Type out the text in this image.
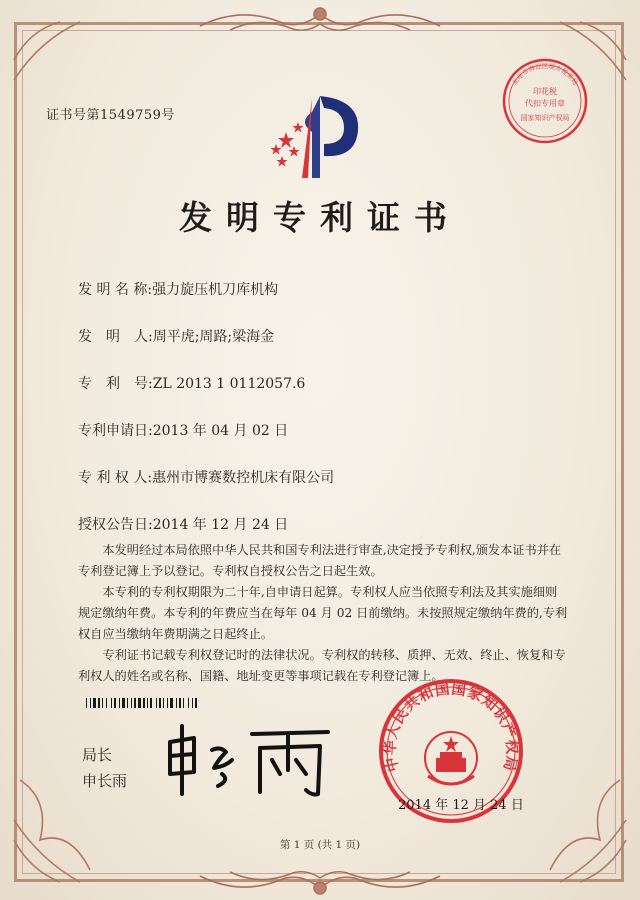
证书号第1549759号
印花税
代扣专用章
国家知识产权局
北京市海淀区地方税务局
发明专利证书
发 明 名 称:强力旋压机刀库机构
发　明　人:周平虎;周路;梁海金
专　利　号:ZL 2013 1 0112057.6
专利申请日:2013 年 04 月 02 日
专 利 权 人:惠州市博赛数控机床有限公司
授权公告日:2014 年 12 月 24 日

本发明经过本局依照中华人民共和国专利法进行审查,决定授予专利权,颁发本证书并在专利登记簿上予以登记。专利权自授权公告之日起生效。

本专利的专利权期限为二十年,自申请日起算。专利权人应当依照专利法及其实施细则规定缴纳年费。本专利的年费应当在每年 04 月 02 日前缴纳。未按照规定缴纳年费的,专利权自应当缴纳年费期满之日起终止。

专利证书记载专利权登记时的法律状况。专利权的转移、质押、无效、终止、恢复和专利权人的姓名或名称、国籍、地址变更等事项记载在专利登记簿上。

局长
申长雨
中华人民共和国国家知识产权局
2014 年 12 月 24 日
第 1 页 (共 1 页)
